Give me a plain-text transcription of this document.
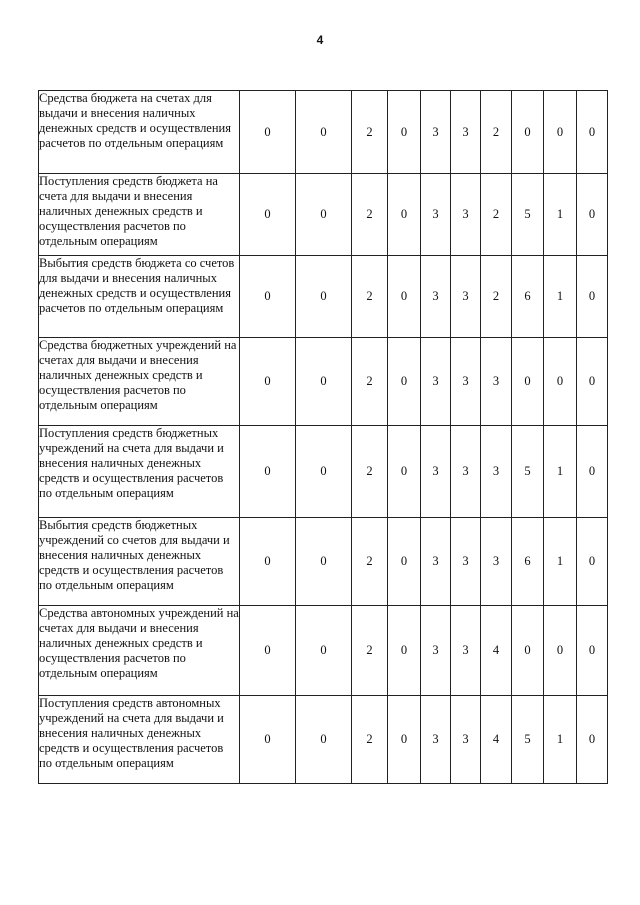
4
Средства бюджета на счетах для выдачи и внесения наличных денежных средств и осуществления расчетов по отдельным операциям	0	0	2	0	3	3	2	0	0	0
Поступления средств бюджета на счета для выдачи и внесения наличных денежных средств и осуществления расчетов по отдельным операциям	0	0	2	0	3	3	2	5	1	0
Выбытия средств бюджета со счетов для выдачи и внесения наличных денежных средств и осуществления расчетов по отдельным операциям	0	0	2	0	3	3	2	6	1	0
Средства бюджетных учреждений на счетах для выдачи и внесения наличных денежных средств и осуществления расчетов по отдельным операциям	0	0	2	0	3	3	3	0	0	0
Поступления средств бюджетных учреждений на счета для выдачи и внесения наличных денежных средств и осуществления расчетов по отдельным операциям	0	0	2	0	3	3	3	5	1	0
Выбытия средств бюджетных учреждений со счетов для выдачи и внесения наличных денежных средств и осуществления расчетов по отдельным операциям	0	0	2	0	3	3	3	6	1	0
Средства автономных учреждений на счетах для выдачи и внесения наличных денежных средств и осуществления расчетов по отдельным операциям	0	0	2	0	3	3	4	0	0	0
Поступления средств автономных учреждений на счета для выдачи и внесения наличных денежных средств и осуществления расчетов по отдельным операциям	0	0	2	0	3	3	4	5	1	0
